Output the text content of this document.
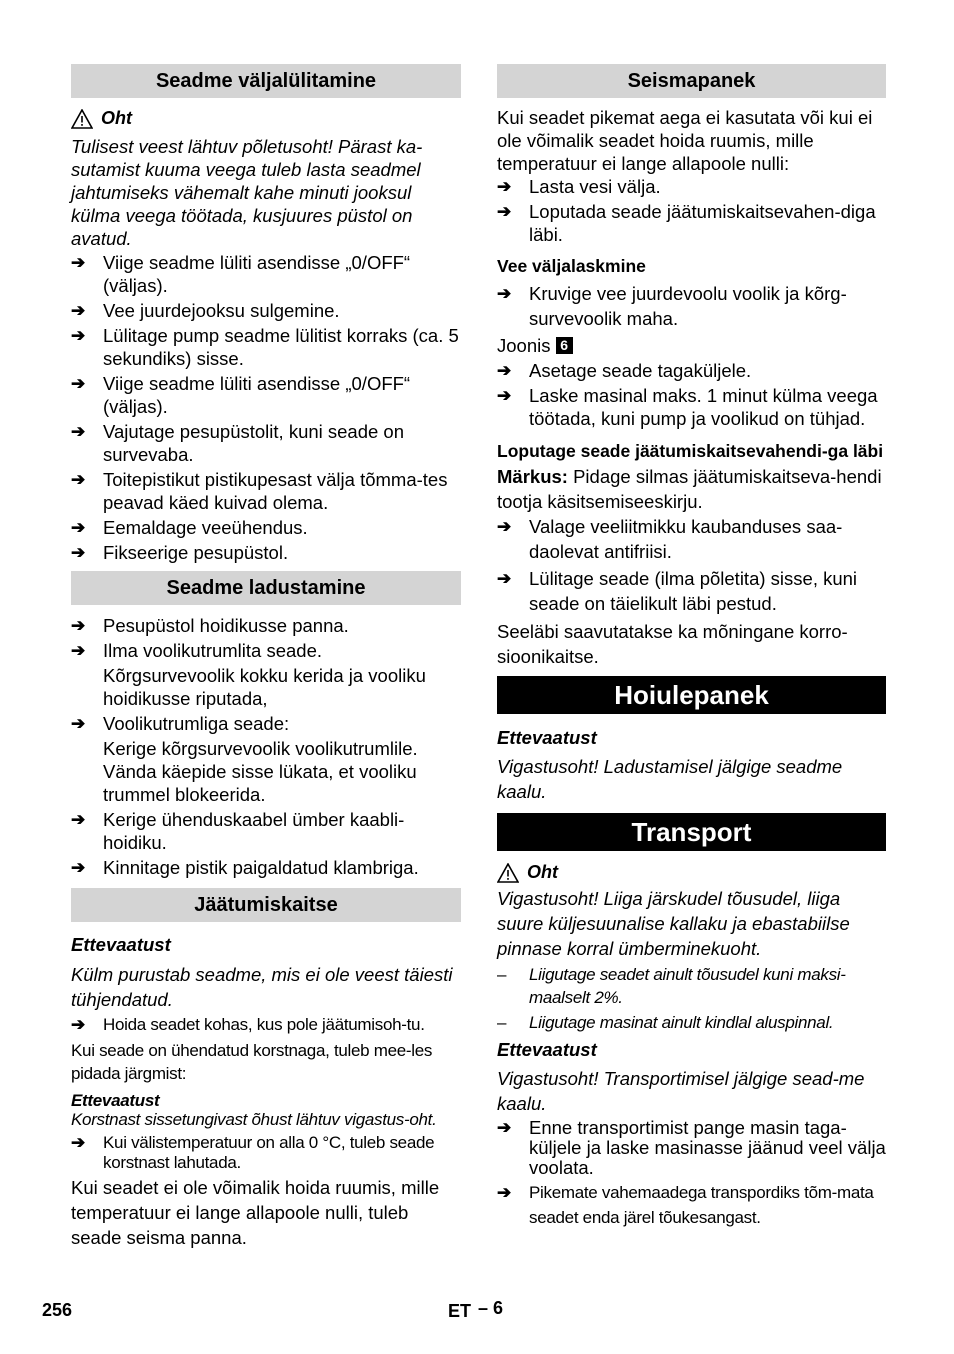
Seadme väljalülitamine
Oht
Tulisest veest lähtuv põletusoht! Pärast ka-sutamist kuuma veega tuleb lasta seadmel jahtumiseks vähemalt kahe minuti jooksul külma veega töötada, kusjuures püstol on avatud.
➔ Viige seadme lüliti asendisse „0/OFF“ (väljas).
➔ Vee juurdejooksu sulgemine.
➔ Lülitage pump seadme lülitist korraks (ca. 5 sekundiks) sisse.
➔ Viige seadme lüliti asendisse „0/OFF“ (väljas).
➔ Vajutage pesupüstolit, kuni seade on survevaba.
➔ Toitepistikut pistikupesast välja tõmma-tes peavad käed kuivad olema.
➔ Eemaldage veeühendus.
➔ Fikseerige pesupüstol.
Seadme ladustamine
➔ Pesupüstol hoidikusse panna.
➔ Ilma voolikutrumlita seade.
Kõrgsurvevoolik kokku kerida ja vooliku hoidikusse riputada,
➔ Voolikutrumliga seade:
Kerige kõrgsurvevoolik voolikutrumlile. Vända käepide sisse lükata, et vooliku trummel blokeerida.
➔ Kerige ühenduskaabel ümber kaabli-hoidiku.
➔ Kinnitage pistik paigaldatud klambriga.
Jäätumiskaitse
Ettevaatust
Külm purustab seadme, mis ei ole veest täiesti tühjendatud.
➔	Hoida seadet kohas, kus pole jäätumisoh-tu.
Kui seade on ühendatud korstnaga, tuleb mee-les pidada järgmist:
Ettevaatust
Korstnast sissetungivast õhust lähtuv vigastus-oht.
➔	Kui välistemperatuur on alla 0 °C, tuleb seade korstnast lahutada.
Kui seadet ei ole võimalik hoida ruumis, mille temperatuur ei lange allapoole nulli, tuleb seade seisma panna.
Seismapanek
Kui seadet pikemat aega ei kasutata või kui ei ole võimalik seadet hoida ruumis, mille temperatuur ei lange allapoole nulli:
➔ Lasta vesi välja.
➔ Loputada seade jäätumiskaitsevahen-diga läbi.
Vee väljalaskmine
➔ Kruvige vee juurdevoolu voolik ja kõrg-survevoolik maha.
Joonis 6
➔ Asetage seade tagaküljele.
➔ Laske masinal maks. 1 minut külma veega töötada, kuni pump ja voolikud on tühjad.
Loputage seade jäätumiskaitsevahendi-ga läbi
Märkus: Pidage silmas jäätumiskaitseva-hendi tootja käsitsemiseeskirju.
➔ Valage veeliitmikku kaubanduses saa-daolevat antifriisi.
➔ Lülitage seade (ilma põletita) sisse, kuni seade on täielikult läbi pestud.
Seeläbi saavutatakse ka mõningane korro-sioonikaitse.
Hoiulepanek
Ettevaatust
Vigastusoht! Ladustamisel jälgige seadme kaalu.
Transport
Oht
Vigastusoht! Liiga järskudel tõusudel, liiga suure küljesuunalise kallaku ja ebastabiilse pinnase korral ümberminekuoht.
–	Liigutage seadet ainult tõusudel kuni maksi-maalselt 2%.
–	Liigutage masinat ainult kindlal aluspinnal.
Ettevaatust
Vigastusoht! Transportimisel jälgige sead-me kaalu.
➔ Enne transportimist pange masin taga-küljele ja laske masinasse jäänud veel välja voolata.
➔	Pikemate vahemaadega transpordiks tõm-mata seadet enda järel tõukesangast.
256	ET – 6
